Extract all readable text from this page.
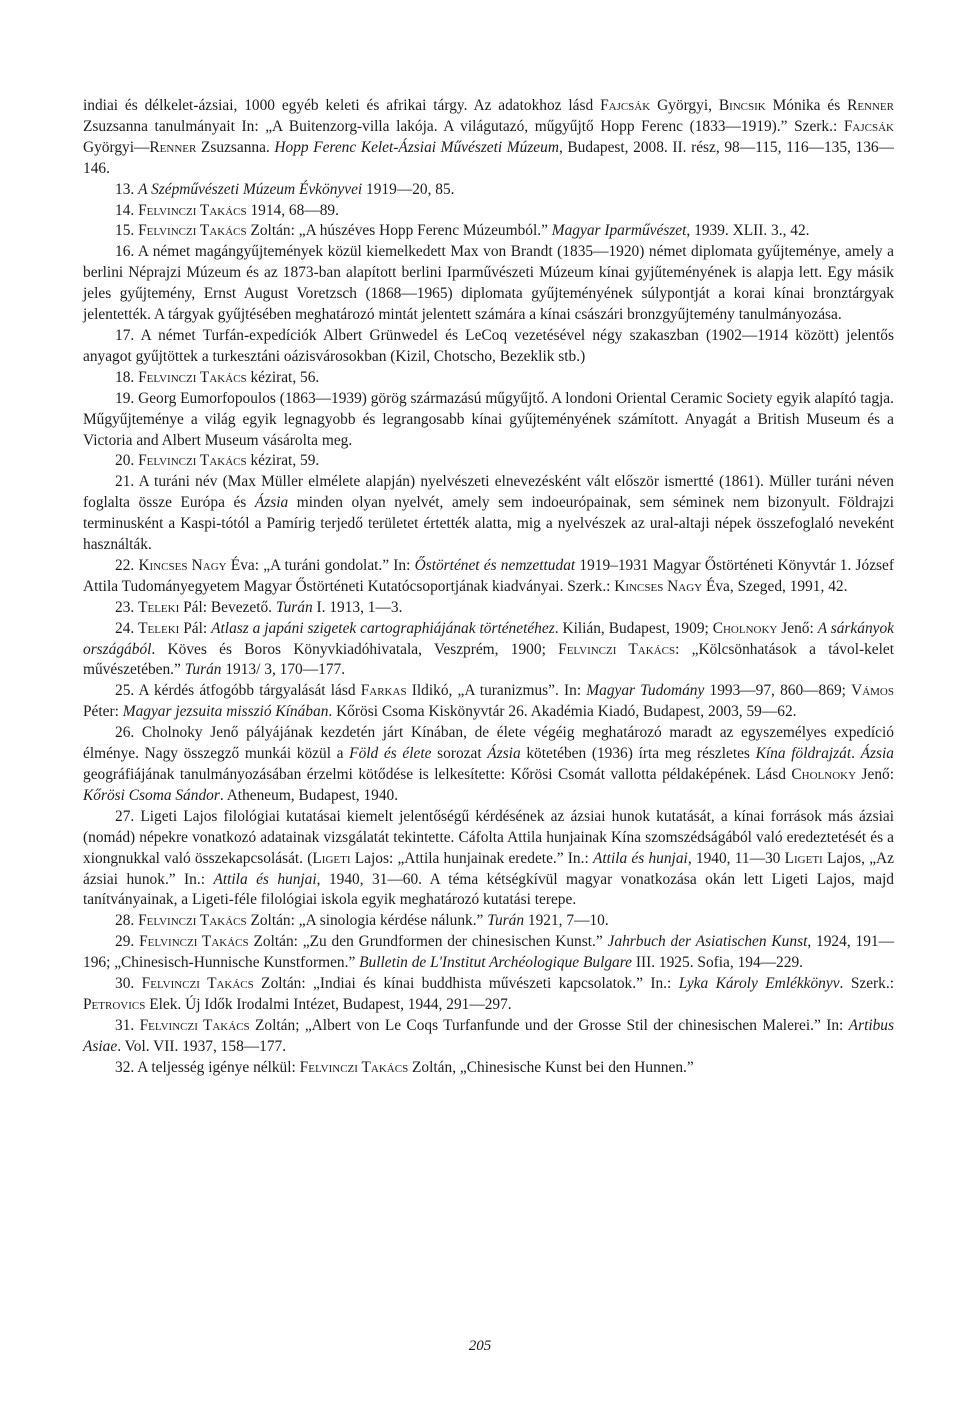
indiai és délkelet-ázsiai, 1000 egyéb keleti és afrikai tárgy. Az adatokhoz lásd Fajcsák Györgyi, Bincsik Mónika és Renner Zsuzsanna tanulmányait In: „A Buitenzorg-villa lakója. A világutazó, műgyűjtő Hopp Ferenc (1833—1919).” Szerk.: Fajcsák Györgyi—Renner Zsuzsanna. Hopp Ferenc Kelet-Ázsiai Művészeti Múzeum, Budapest, 2008. II. rész, 98—115, 116—135, 136—146.

13. A Szépművészeti Múzeum Évkönyvei 1919—20, 85.

14. Felvinczi Takács 1914, 68—89.

15. Felvinczi Takács Zoltán: „A húszéves Hopp Ferenc Múzeumból.” Magyar Iparművészet, 1939. XLII. 3., 42.

16. A német magángyűjtemények közül kiemelkedett Max von Brandt (1835—1920) német diplomata gyűjteménye, amely a berlini Néprajzi Múzeum és az 1873-ban alapított berlini Iparművészeti Múzeum kínai gyjűteményének is alapja lett. Egy másik jeles gyűjtemény, Ernst August Voretzsch (1868—1965) diplomata gyűjteményének súlypontját a korai kínai bronztárgyak jelentették. A tárgyak gyűjtésében meghatározó mintát jelentett számára a kínai császári bronzgyűjtemény tanulmányozása.

17. A német Turfán-expedíciók Albert Grünwedel és LeCoq vezetésével négy szakaszban (1902—1914 között) jelentős anyagot gyűjtöttek a turkesztáni oázisvárosokban (Kizil, Chotscho, Bezeklik stb.)

18. Felvinczi Takács kézirat, 56.

19. Georg Eumorfopoulos (1863—1939) görög származású műgyűjtő. A londoni Oriental Ceramic Society egyik alapító tagja. Műgyűjteménye a világ egyik legnagyobb és legrangosabb kínai gyűjteményének számított. Anyagát a British Museum és a Victoria and Albert Museum vásárolta meg.

20. Felvinczi Takács kézirat, 59.

21. A turáni név (Max Müller elmélete alapján) nyelvészeti elnevezésként vált először ismertté (1861). Müller turáni néven foglalta össze Európa és Ázsia minden olyan nyelvét, amely sem indoeurópainak, sem séminek nem bizonyult. Földrajzi terminusként a Kaspi-tótól a Pamírig terjedő területet értették alatta, mig a nyelvészek az ural-altaji népek összefoglaló neveként használták.

22. Kincses Nagy Éva: „A turáni gondolat.” In: Őstörténet és nemzettudat 1919–1931 Magyar Őstörténeti Könyvtár 1. József Attila Tudományegyetem Magyar Őstörténeti Kutatócsoportjának kiadványai. Szerk.: Kincses Nagy Éva, Szeged, 1991, 42.

23. Teleki Pál: Bevezető. Turán I. 1913, 1—3.

24. Teleki Pál: Atlasz a japáni szigetek cartographiájának történetéhez. Kilián, Budapest, 1909; Cholnoky Jenő: A sárkányok országából. Köves és Boros Könyvkiadóhivatala, Veszprém, 1900; Felvinczi Takács: „Kölcsönhatások a távol-kelet művészetében.” Turán 1913/ 3, 170—177.

25. A kérdés átfogóbb tárgyalását lásd Farkas Ildikó, „A turanizmus”. In: Magyar Tudomány 1993—97, 860—869; Vámos Péter: Magyar jezsuita misszió Kínában. Kőrösi Csoma Kiskönyvtár 26. Akadémia Kiadó, Budapest, 2003, 59—62.

26. Cholnoky Jenő pályájának kezdetén járt Kínában, de élete végéig meghatározó maradt az egyszemélyes expedíció élménye. Nagy összegző munkái közül a Föld és élete sorozat Ázsia kötetében (1936) írta meg részletes Kína földrajzát. Ázsia geográfiájának tanulmányozásában érzelmi kötődése is lelkesítette: Kőrösi Csomát vallotta példaképének. Lásd Cholnoky Jenő: Kőrösi Csoma Sándor. Atheneum, Budapest, 1940.

27. Ligeti Lajos filológiai kutatásai kiemelt jelentőségű kérdésének az ázsiai hunok kutatását, a kínai források más ázsiai (nomád) népekre vonatkozó adatainak vizsgálatát tekintette. Cáfolta Attila hunjainak Kína szomszédságából való eredeztetését és a xiongnukkal való összekapcsolását. (Ligeti Lajos: „Attila hunjainak eredete.” In.: Attila és hunjai, 1940, 11—30 Ligeti Lajos, „Az ázsiai hunok.” In.: Attila és hunjai, 1940, 31—60. A téma kétségkívül magyar vonatkozása okán lett Ligeti Lajos, majd tanítványainak, a Ligeti-féle filológiai iskola egyik meghatározó kutatási terepe.

28. Felvinczi Takács Zoltán: „A sinologia kérdése nálunk.” Turán 1921, 7—10.

29. Felvinczi Takács Zoltán: „Zu den Grundformen der chinesischen Kunst.” Jahrbuch der Asiatischen Kunst, 1924, 191—196; „Chinesisch-Hunnische Kunstformen.” Bulletin de L'Institut Archéologique Bulgare III. 1925. Sofia, 194—229.

30. Felvinczi Takács Zoltán: „Indiai és kínai buddhista művészeti kapcsolatok.” In.: Lyka Károly Emlékkönyv. Szerk.: Petrovics Elek. Új Idők Irodalmi Intézet, Budapest, 1944, 291—297.

31. Felvinczi Takács Zoltán; „Albert von Le Coqs Turfanfunde und der Grosse Stil der chinesischen Malerei.” In: Artibus Asiae. Vol. VII. 1937, 158—177.

32. A teljesség igénye nélkül: Felvinczi Takács Zoltán, „Chinesische Kunst bei den Hunnen.”

205
